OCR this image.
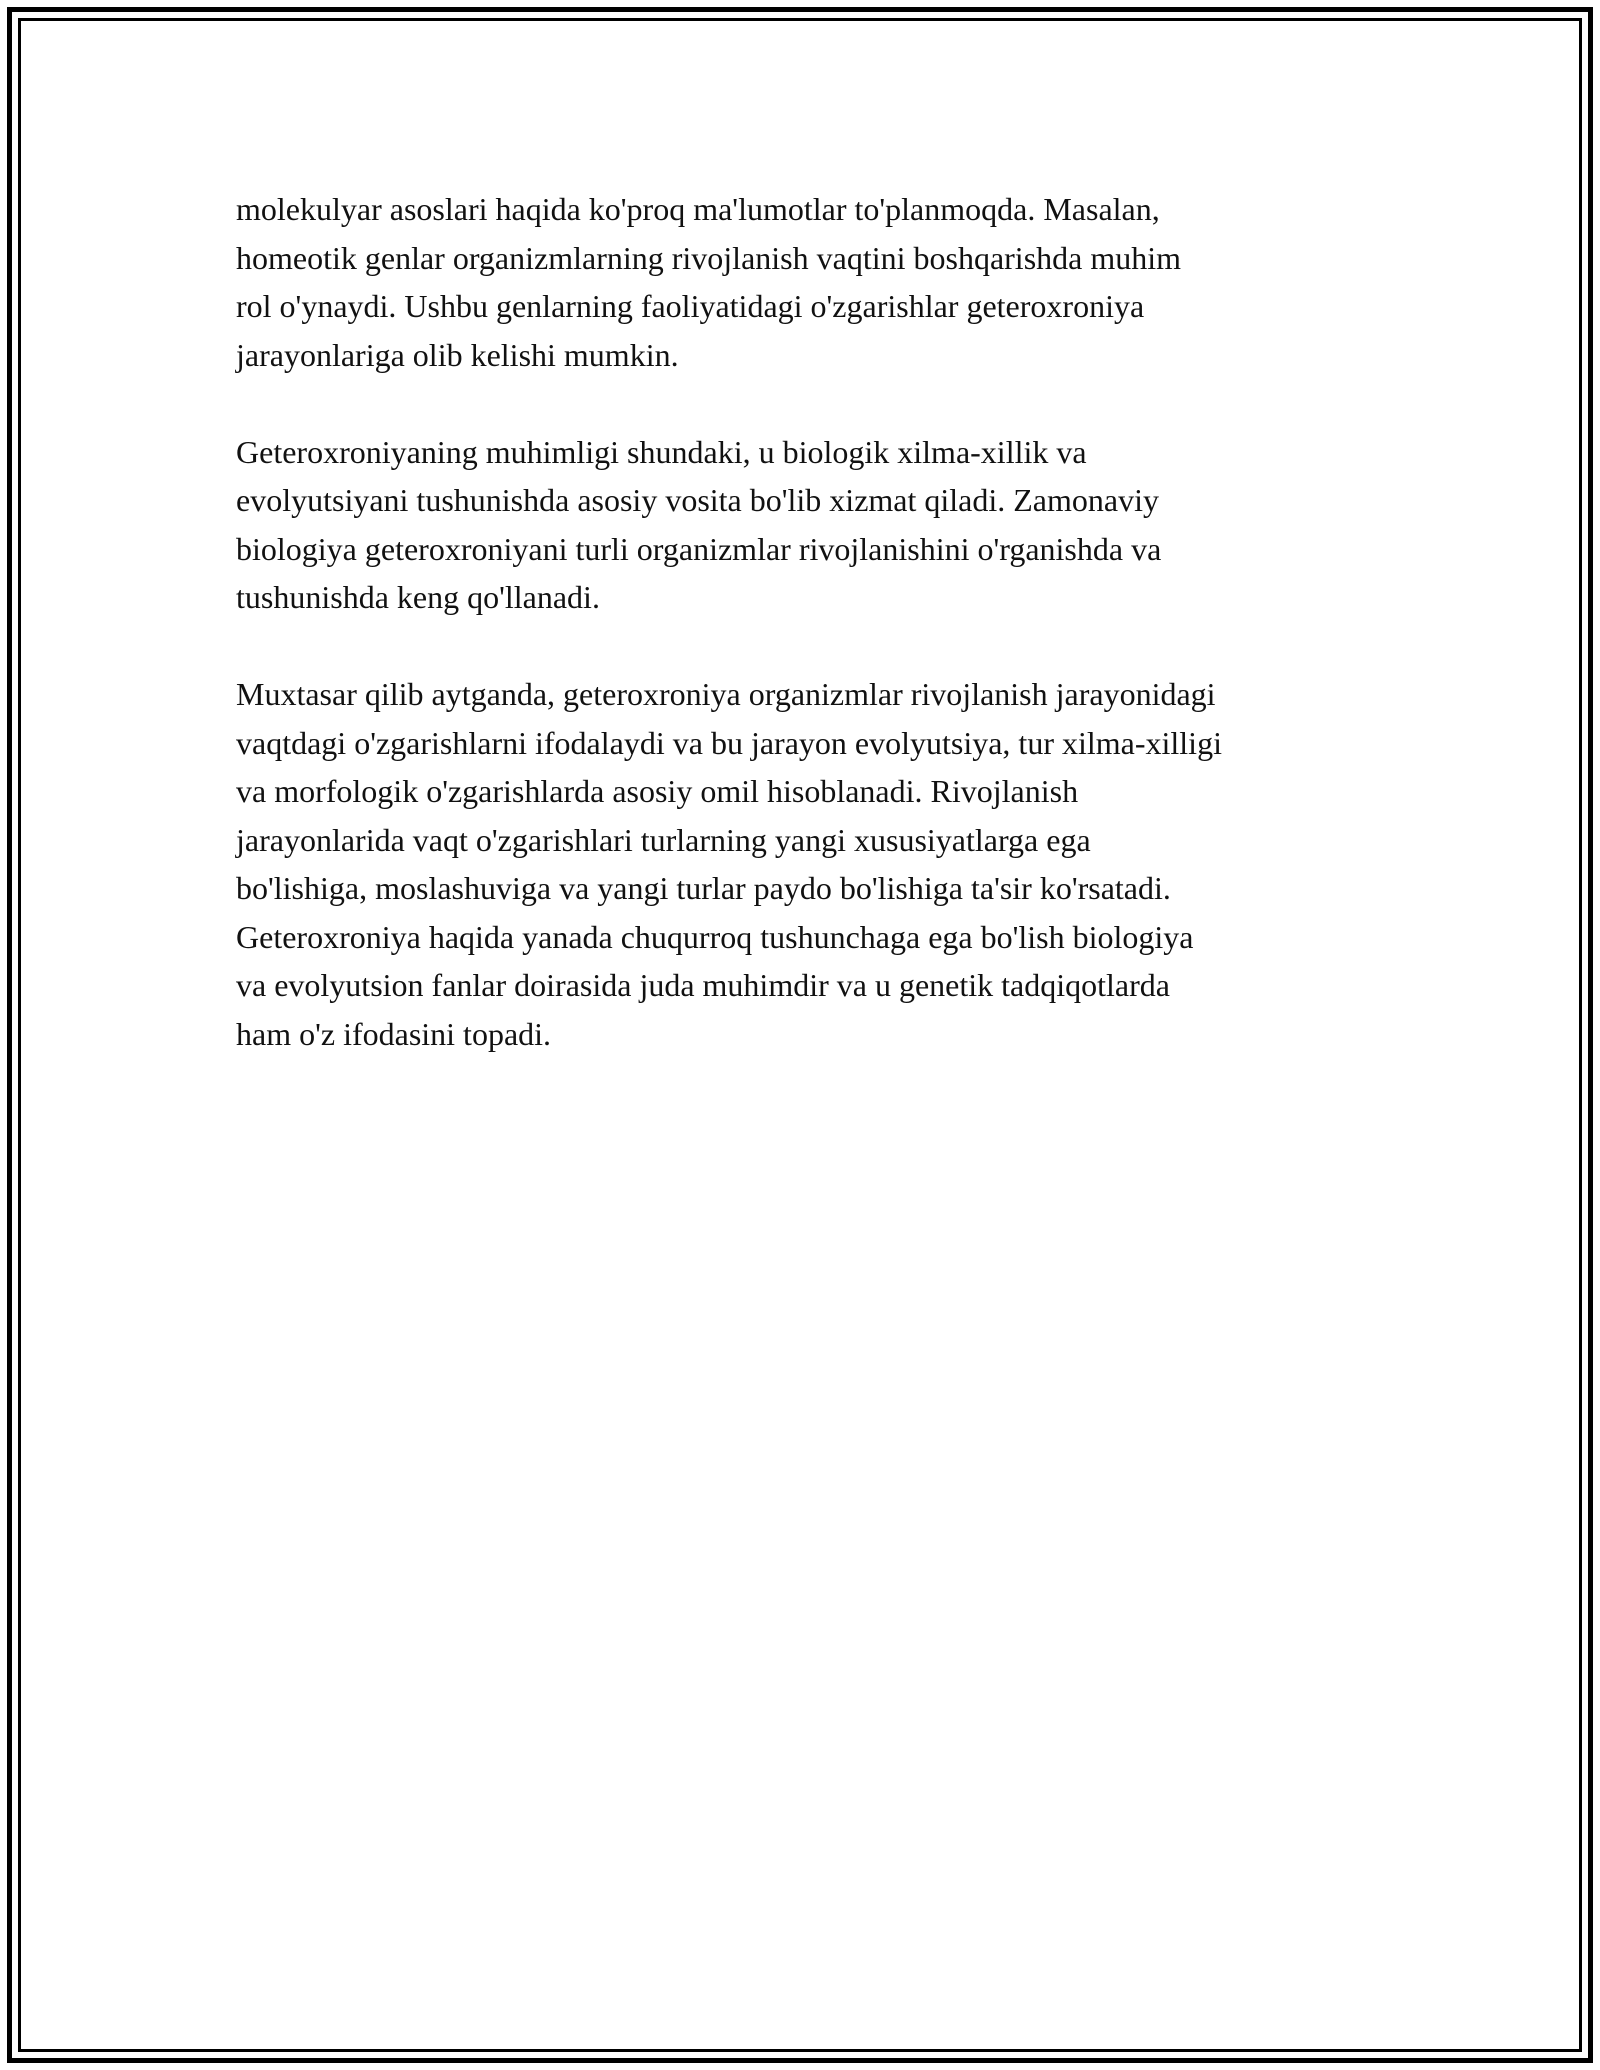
molekulyar asoslari haqida ko'proq ma'lumotlar to'planmoqda. Masalan,
homeotik genlar organizmlarning rivojlanish vaqtini boshqarishda muhim
rol o'ynaydi. Ushbu genlarning faoliyatidagi o'zgarishlar geteroxroniya
jarayonlariga olib kelishi mumkin.

Geteroxroniyaning muhimligi shundaki, u biologik xilma-xillik va
evolyutsiyani tushunishda asosiy vosita bo'lib xizmat qiladi. Zamonaviy
biologiya geteroxroniyani turli organizmlar rivojlanishini o'rganishda va
tushunishda keng qo'llanadi.

Muxtasar qilib aytganda, geteroxroniya organizmlar rivojlanish jarayonidagi
vaqtdagi o'zgarishlarni ifodalaydi va bu jarayon evolyutsiya, tur xilma-xilligi
va morfologik o'zgarishlarda asosiy omil hisoblanadi. Rivojlanish
jarayonlarida vaqt o'zgarishlari turlarning yangi xususiyatlarga ega
bo'lishiga, moslashuviga va yangi turlar paydo bo'lishiga ta'sir ko'rsatadi.
Geteroxroniya haqida yanada chuqurroq tushunchaga ega bo'lish biologiya
va evolyutsion fanlar doirasida juda muhimdir va u genetik tadqiqotlarda
ham o'z ifodasini topadi.
